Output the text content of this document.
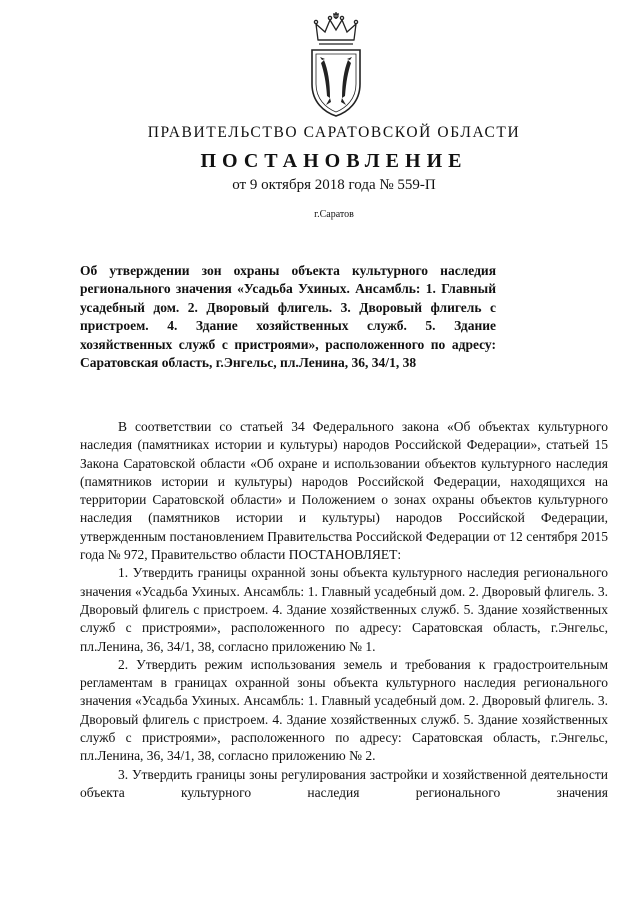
ПРАВИТЕЛЬСТВО САРАТОВСКОЙ ОБЛАСТИ
ПОСТАНОВЛЕНИЕ
от 9 октября 2018 года № 559-П
г.Саратов

Об утверждении зон охраны объекта культурного наследия регионального значения «Усадьба Ухиных. Ансамбль: 1. Главный усадебный дом. 2. Дворовый флигель. 3. Дворовый флигель с пристроем. 4. Здание хозяйственных служб. 5. Здание хозяйственных служб с пристроями», расположенного по адресу: Саратовская область, г.Энгельс, пл.Ленина, 36, 34/1, 38

В соответствии со статьей 34 Федерального закона «Об объектах культурного наследия (памятниках истории и культуры) народов Российской Федерации», статьей 15 Закона Саратовской области «Об охране и использовании объектов культурного наследия (памятников истории и культуры) народов Российской Федерации, находящихся на территории Саратовской области» и Положением о зонах охраны объектов культурного наследия (памятников истории и культуры) народов Российской Федерации, утвержденным постановлением Правительства Российской Федерации от 12 сентября 2015 года № 972, Правительство области ПОСТАНОВЛЯЕТ:

1. Утвердить границы охранной зоны объекта культурного наследия регионального значения «Усадьба Ухиных. Ансамбль: 1. Главный усадебный дом. 2. Дворовый флигель. 3. Дворовый флигель с пристроем. 4. Здание хозяйственных служб. 5. Здание хозяйственных служб с пристроями», расположенного по адресу: Саратовская область, г.Энгельс, пл.Ленина, 36, 34/1, 38, согласно приложению № 1.

2. Утвердить режим использования земель и требования к градостроительным регламентам в границах охранной зоны объекта культурного наследия регионального значения «Усадьба Ухиных. Ансамбль: 1. Главный усадебный дом. 2. Дворовый флигель. 3. Дворовый флигель с пристроем. 4. Здание хозяйственных служб. 5. Здание хозяйственных служб с пристроями», расположенного по адресу: Саратовская область, г.Энгельс, пл.Ленина, 36, 34/1, 38, согласно приложению № 2.

3. Утвердить границы зоны регулирования застройки и хозяйственной деятельности объекта культурного наследия регионального значения
